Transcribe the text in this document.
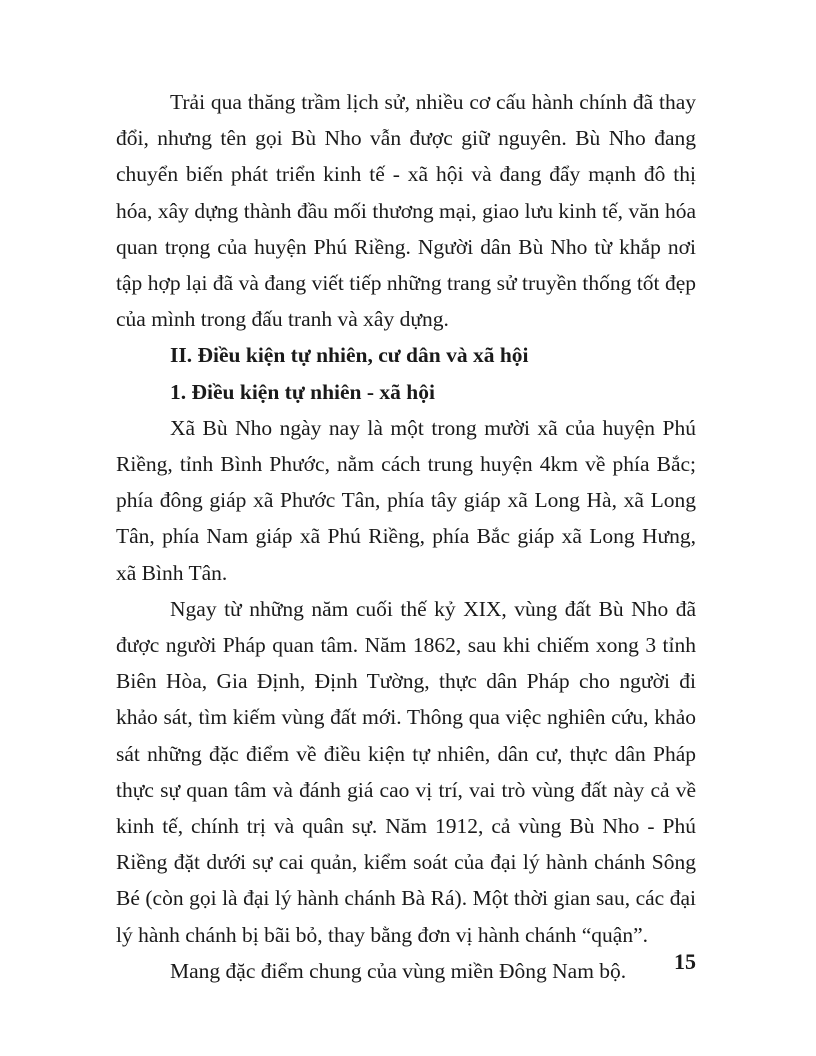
Trải qua thăng trầm lịch sử, nhiều cơ cấu hành chính đã thay đổi, nhưng tên gọi Bù Nho vẫn được giữ nguyên. Bù Nho đang chuyển biến phát triển kinh tế - xã hội và đang đẩy mạnh đô thị hóa, xây dựng thành đầu mối thương mại, giao lưu kinh tế, văn hóa quan trọng của huyện Phú Riềng. Người dân Bù Nho từ khắp nơi tập hợp lại đã và đang viết tiếp những trang sử truyền thống tốt đẹp của mình trong đấu tranh và xây dựng.

II. Điều kiện tự nhiên, cư dân và xã hội
1. Điều kiện tự nhiên - xã hội

Xã Bù Nho ngày nay là một trong mười xã của huyện Phú Riềng, tỉnh Bình Phước, nằm cách trung huyện 4km về phía Bắc; phía đông giáp xã Phước Tân, phía tây giáp xã Long Hà, xã Long Tân, phía Nam giáp xã Phú Riềng, phía Bắc giáp xã Long Hưng, xã Bình Tân.

Ngay từ những năm cuối thế kỷ XIX, vùng đất Bù Nho đã được người Pháp quan tâm. Năm 1862, sau khi chiếm xong 3 tỉnh Biên Hòa, Gia Định, Định Tường, thực dân Pháp cho người đi khảo sát, tìm kiếm vùng đất mới. Thông qua việc nghiên cứu, khảo sát những đặc điểm về điều kiện tự nhiên, dân cư, thực dân Pháp thực sự quan tâm và đánh giá cao vị trí, vai trò vùng đất này cả về kinh tế, chính trị và quân sự. Năm 1912, cả vùng Bù Nho - Phú Riềng đặt dưới sự cai quản, kiểm soát của đại lý hành chánh Sông Bé (còn gọi là đại lý hành chánh Bà Rá). Một thời gian sau, các đại lý hành chánh bị bãi bỏ, thay bằng đơn vị hành chánh “quận”.

Mang đặc điểm chung của vùng miền Đông Nam bộ.	15
